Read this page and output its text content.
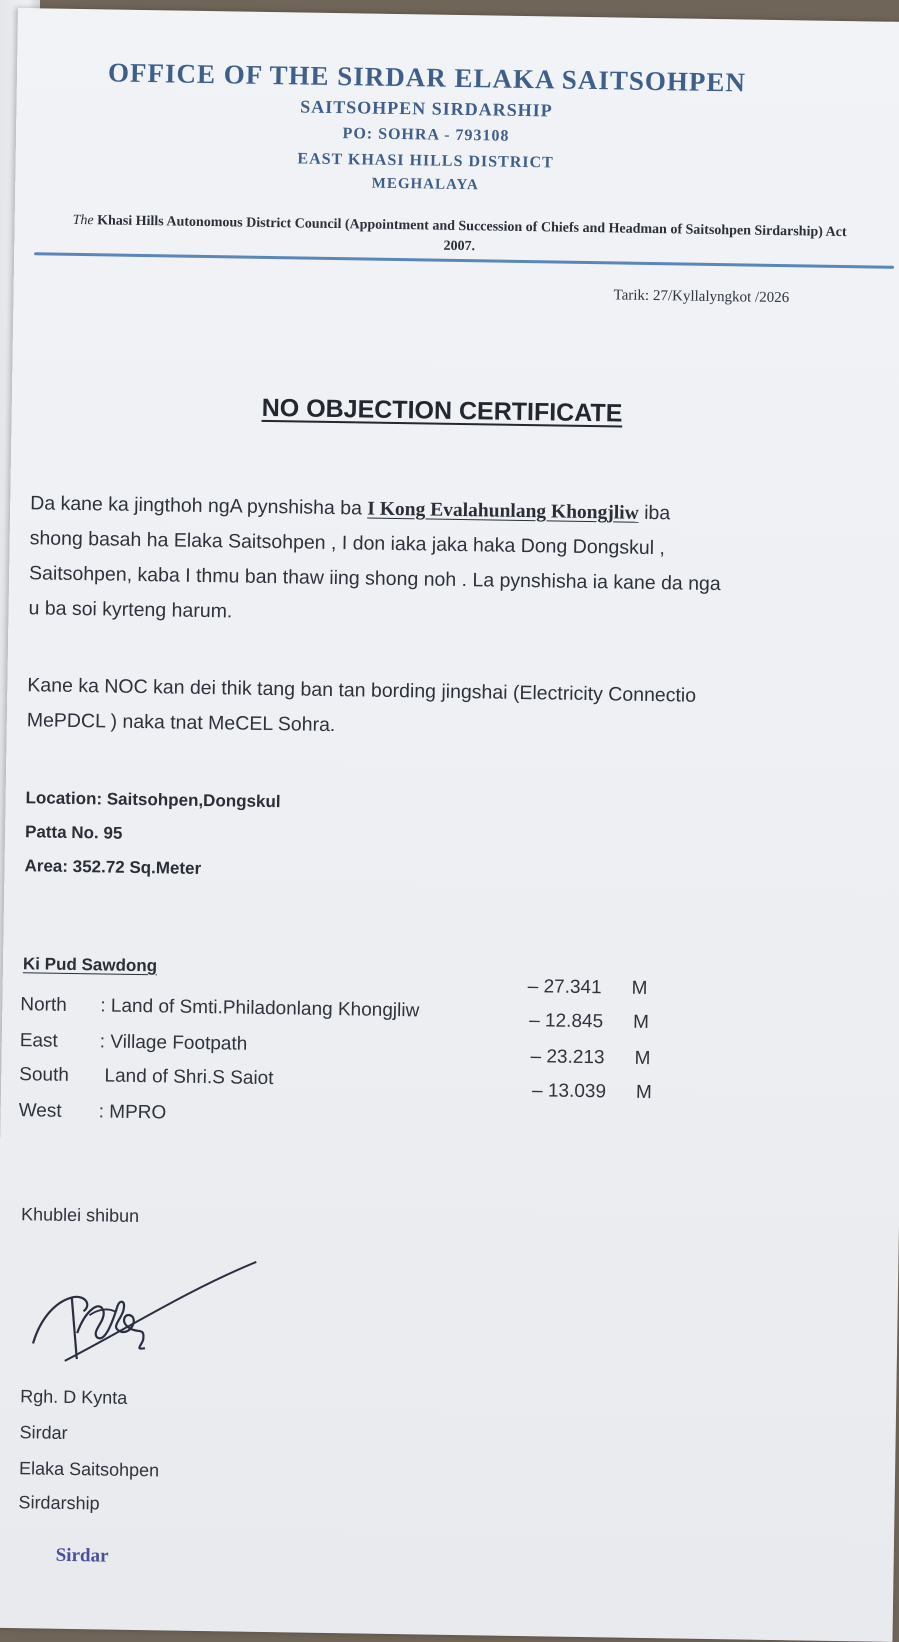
OFFICE OF THE SIRDAR ELAKA SAITSOHPEN
SAITSOHPEN SIRDARSHIP
PO: SOHRA - 793108
EAST KHASI HILLS DISTRICT
MEGHALAYA
The Khasi Hills Autonomous District Council (Appointment and Succession of Chiefs and Headman of Saitsohpen Sirdarship) Act 2007.
Tarik: 27/Kyllalyngkot /2026
NO OBJECTION CERTIFICATE
Da kane ka jingthoh ngA pynshisha ba I Kong Evalahunlang Khongjliw iba
shong basah ha Elaka Saitsohpen , I don iaka jaka haka Dong Dongskul ,
Saitsohpen, kaba I thmu ban thaw iing shong noh . La pynshisha ia kane da nga
u ba soi kyrteng harum.
Kane ka NOC kan dei thik tang ban tan bording jingshai (Electricity Connectio
MePDCL ) naka tnat MeCEL Sohra.
Location: Saitsohpen,Dongskul
Patta No. 95
Area: 352.72 Sq.Meter
Ki Pud Sawdong
North : Land of Smti.Philadonlang Khongjliw
East : Village Footpath
South Land of Shri.S Saiot
West : MPRO
– 27.341 M
– 12.845 M
– 23.213 M
– 13.039 M
Khublei shibun
Rgh. D Kynta
Sirdar
Elaka Saitsohpen
Sirdarship
Sirdar
